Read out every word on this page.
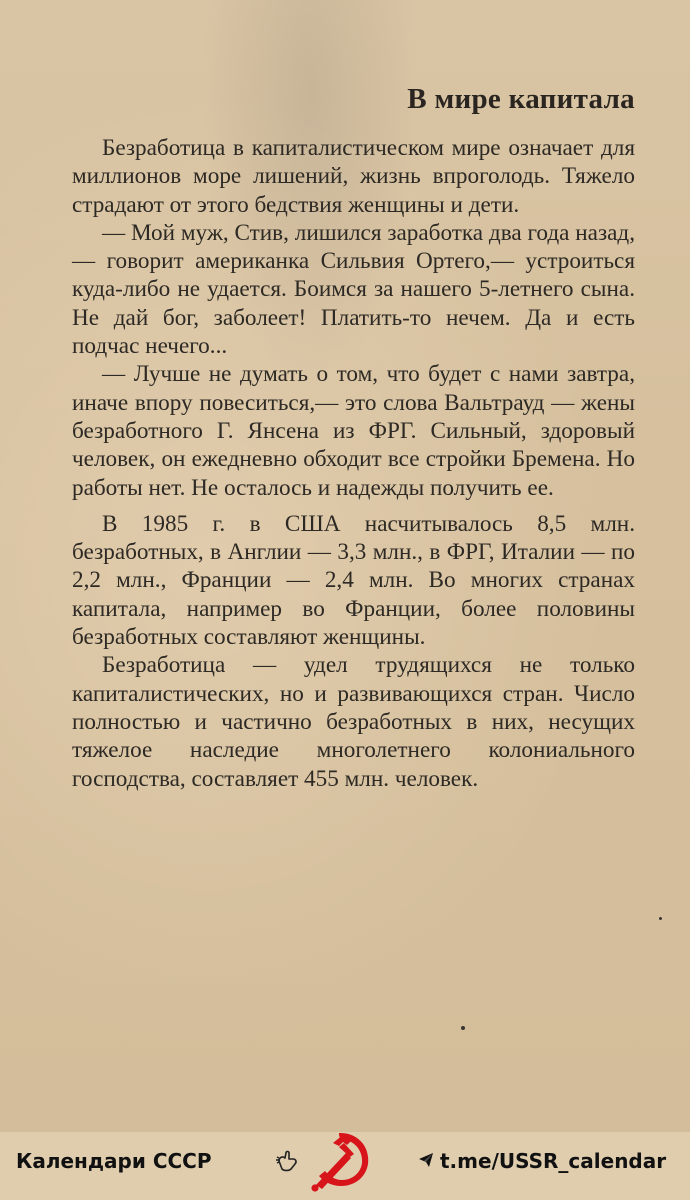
В мире капитала

Безработица в капиталистическом мире означает для миллионов море лишений, жизнь впроголодь. Тяжело страдают от этого бедствия женщины и дети.

— Мой муж, Стив, лишился заработка два года назад,— говорит американка Сильвия Ортего,— устроиться куда-либо не удается. Боимся за нашего 5-летнего сына. Не дай бог, заболеет! Платить-то нечем. Да и есть подчас нечего...

— Лучше не думать о том, что будет с нами завтра, иначе впору повеситься,— это слова Вальтрауд — жены безработного Г. Янсена из ФРГ. Сильный, здоровый человек, он ежедневно обходит все стройки Бремена. Но работы нет. Не осталось и надежды получить ее.

В 1985 г. в США насчитывалось 8,5 млн. безработных, в Англии — 3,3 млн., в ФРГ, Италии — по 2,2 млн., Франции — 2,4 млн. Во многих странах капитала, например во Франции, более половины безработных составляют женщины.

Безработица — удел трудящихся не только капиталистических, но и развивающихся стран. Число полностью и частично безработных в них, несущих тяжелое наследие многолетнего колониального господства, составляет 455 млн. человек.

Календари СССР	t.me/USSR_calendar
